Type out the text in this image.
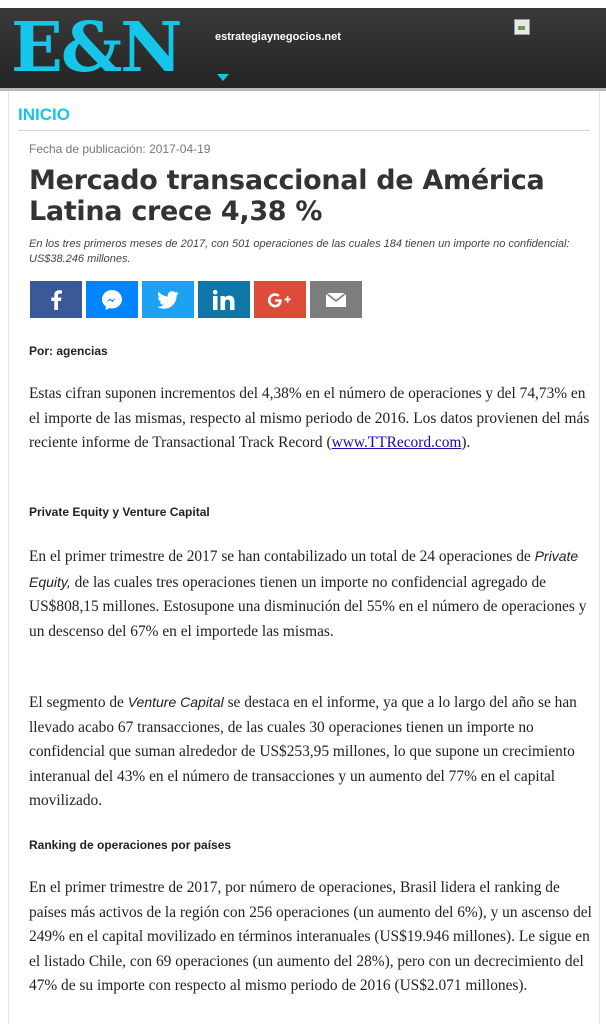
E&N	estrategiaynegocios.net
INICIO
Fecha de publicación: 2017-04-19
Mercado transaccional de América Latina crece 4,38 %
En los tres primeros meses de 2017, con 501 operaciones de las cuales 184 tienen un importe no confidencial: US$38.246 millones.
Por: agencias
Estas cifran suponen incrementos del 4,38% en el número de operaciones y del 74,73% en el importe de las mismas, respecto al mismo periodo de 2016. Los datos provienen del más reciente informe de Transactional Track Record (www.TTRecord.com).
Private Equity y Venture Capital
En el primer trimestre de 2017 se han contabilizado un total de 24 operaciones de Private Equity, de las cuales tres operaciones tienen un importe no confidencial agregado de US$808,15 millones. Estosupone una disminución del 55% en el número de operaciones y un descenso del 67% en el importede las mismas.
El segmento de Venture Capital se destaca en el informe, ya que a lo largo del año se han llevado acabo 67 transacciones, de las cuales 30 operaciones tienen un importe no confidencial que suman alrededor de US$253,95 millones, lo que supone un crecimiento interanual del 43% en el número de transacciones y un aumento del 77% en el capital movilizado.
Ranking de operaciones por países
En el primer trimestre de 2017, por número de operaciones, Brasil lidera el ranking de países más activos de la región con 256 operaciones (un aumento del 6%), y un ascenso del 249% en el capital movilizado en términos interanuales (US$19.946 millones). Le sigue en el listado Chile, con 69 operaciones (un aumento del 28%), pero con un decrecimiento del 47% de su importe con respecto al mismo periodo de 2016 (US$2.071 millones).
